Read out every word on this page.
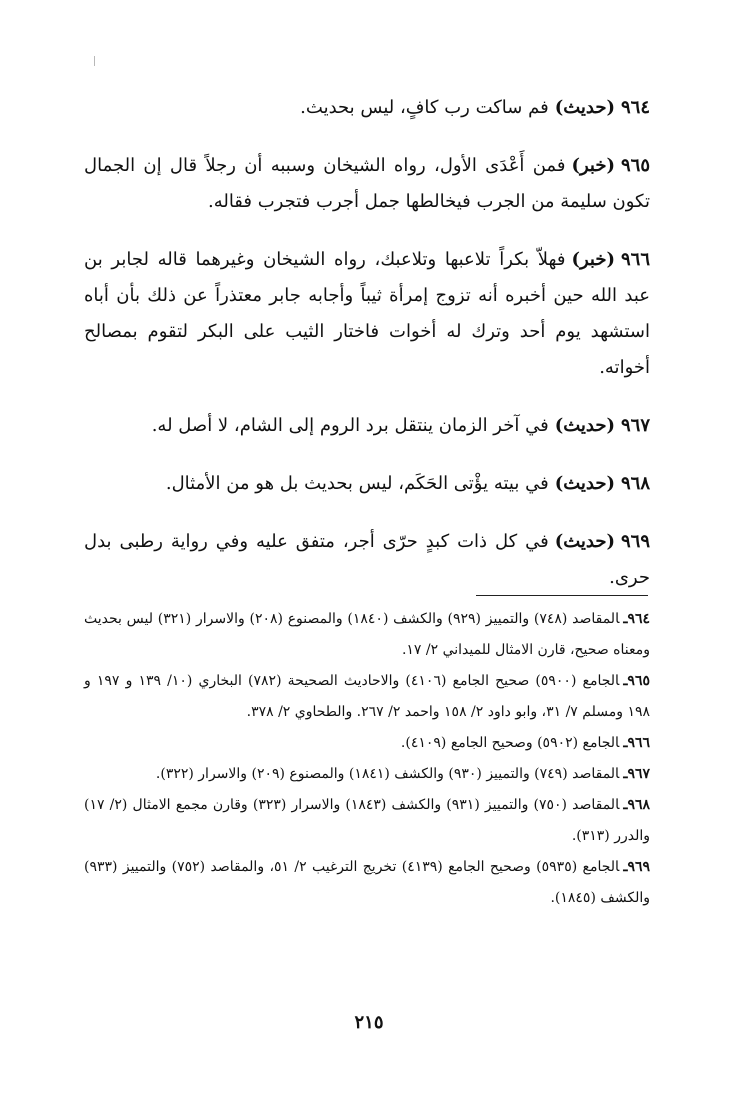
٩٦٤(حديث)فم ساكت رب كافٍ، ليس بحديث.

٩٦٥(خبر)فمن أَعْدَى الأول، رواه الشيخان وسببه أن رجلاً قال إن الجمال تكون سليمة من الجرب فيخالطها جمل أجرب فتجرب فقاله.

٩٦٦(خبر)فهلاّ بكراً تلاعبها وتلاعبك، رواه الشيخان وغيرهما قاله لجابر بن عبد الله حين أخبره أنه تزوج إمرأة ثيباً وأجابه جابر معتذراً عن ذلك بأن أباه استشهد يوم أحد وترك له أخوات فاختار الثيب على البكر لتقوم بمصالح أخواته.

٩٦٧(حديث)في آخر الزمان ينتقل برد الروم إلى الشام، لا أصل له.

٩٦٨(حديث)في بيته يؤْتى الحَكَم، ليس بحديث بل هو من الأمثال.

٩٦٩(حديث)في كل ذات كبدٍ حرّى أجر، متفق عليه وفي رواية رطبى بدل حرى.

٩٦٤ـالمقاصد (٧٤٨) والتمييز (٩٢٩) والكشف (١٨٤٠) والمصنوع (٢٠٨) والاسرار (٣٢١) ليس بحديث ومعناه صحيح، قارن الامثال للميداني ٢/ ١٧.

٩٦٥ـالجامع (٥٩٠٠) صحيح الجامع (٤١٠٦) والاحاديث الصحيحة (٧٨٢) البخاري (١٠/ ١٣٩ و ١٩٧ و ١٩٨ ومسلم ٧/ ٣١، وابو داود ٢/ ١٥٨ واحمد ٢/ ٢٦٧. والطحاوي ٢/ ٣٧٨.

٩٦٦ـالجامع (٥٩٠٢) وصحيح الجامع (٤١٠٩).

٩٦٧ـالمقاصد (٧٤٩) والتمييز (٩٣٠) والكشف (١٨٤١) والمصنوع (٢٠٩) والاسرار (٣٢٢).

٩٦٨ـالمقاصد (٧٥٠) والتمييز (٩٣١) والكشف (١٨٤٣) والاسرار (٣٢٣) وقارن مجمع الامثال (٢/ ١٧) والدرر (٣١٣).

٩٦٩ـالجامع (٥٩٣٥) وصحيح الجامع (٤١٣٩) تخريج الترغيب ٢/ ٥١، والمقاصد (٧٥٢) والتمييز (٩٣٣) والكشف (١٨٤٥).

٢١٥
